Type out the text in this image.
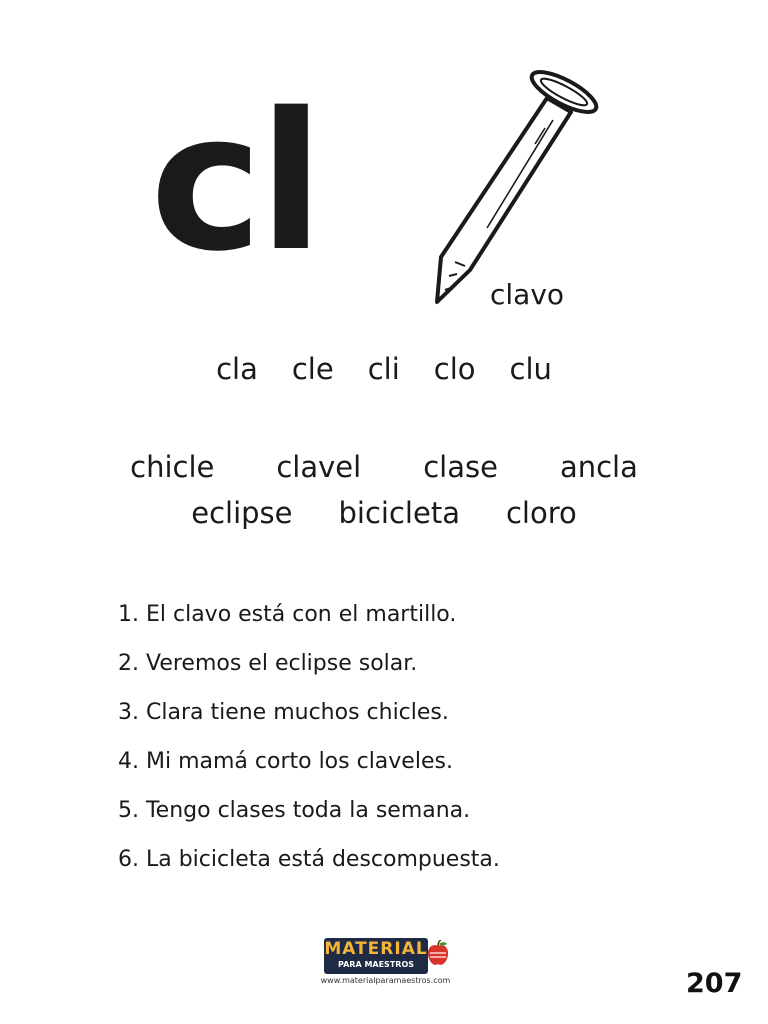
cl
clavo
cla cle cli clo clu
chicle clavel clase ancla
eclipse bicicleta cloro
1. El clavo está con el martillo.
2. Veremos el eclipse solar.
3. Clara tiene muchos chicles.
4. Mi mamá corto los claveles.
5. Tengo clases toda la semana.
6. La bicicleta está descompuesta.
MATERIAL
PARA MAESTROS
www.materialparamaestros.com	207
